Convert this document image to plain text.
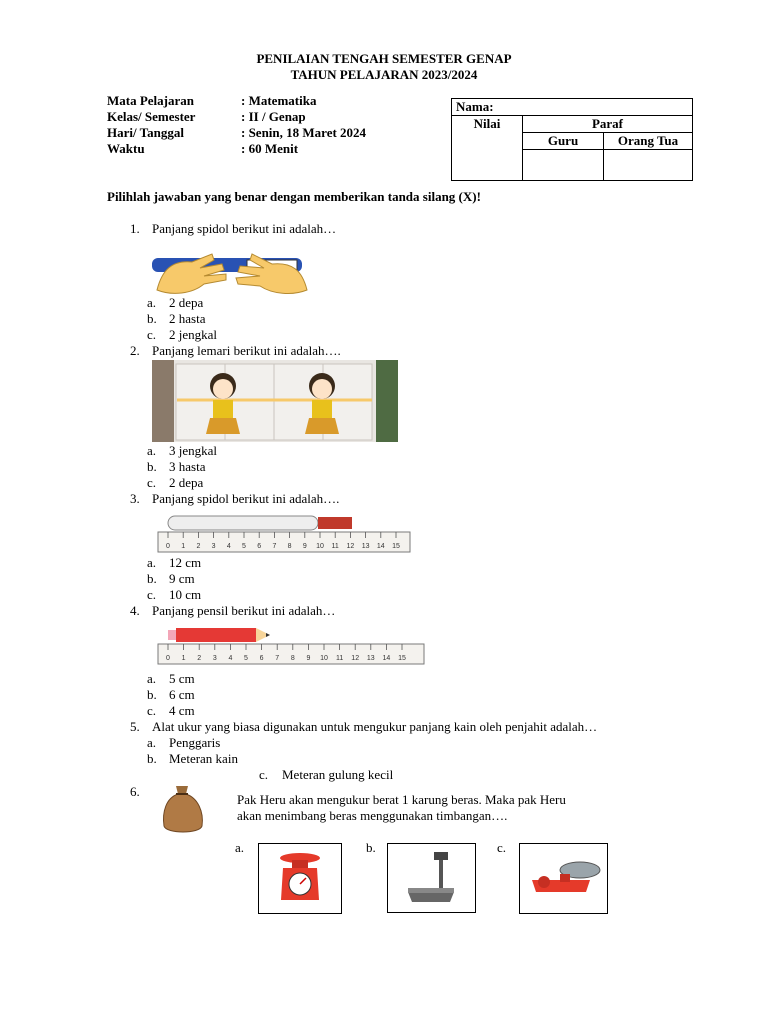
PENILAIAN TENGAH SEMESTER GENAP
TAHUN PELAJARAN 2023/2024
Mata Pelajaran	: Matematika
Kelas/ Semester	: II / Genap
Hari/ Tanggal	: Senin, 18 Maret 2024
Waktu	: 60 Menit
Nama:		
Nilai	Paraf	
	Guru	Orang Tua

Pilihlah jawaban yang benar dengan memberikan tanda silang (X)!
1. Panjang spidol berikut ini adalah…
a. 2 depa
b. 2 hasta
c. 2 jengkal
2. Panjang lemari berikut ini adalah….
a. 3 jengkal
b. 3 hasta
c. 2 depa
3. Panjang spidol berikut ini adalah….
0 1 2 3 4 5 6 7 8 9 10 11 12 13 14 15
a. 12 cm
b. 9 cm
c. 10 cm
4. Panjang pensil berikut ini adalah…
0 1 2 3 4 5 6 7 8 9 10 11 12 13 14 15
a. 5 cm
b. 6 cm
c. 4 cm
5. Alat ukur yang biasa digunakan untuk mengukur panjang kain oleh penjahit adalah…
a. Penggaris
b. Meteran kain
c. Meteran gulung kecil
6.
Pak Heru akan mengukur berat 1 karung beras. Maka pak Heru
akan menimbang beras menggunakan timbangan….
a.	b.	c.
